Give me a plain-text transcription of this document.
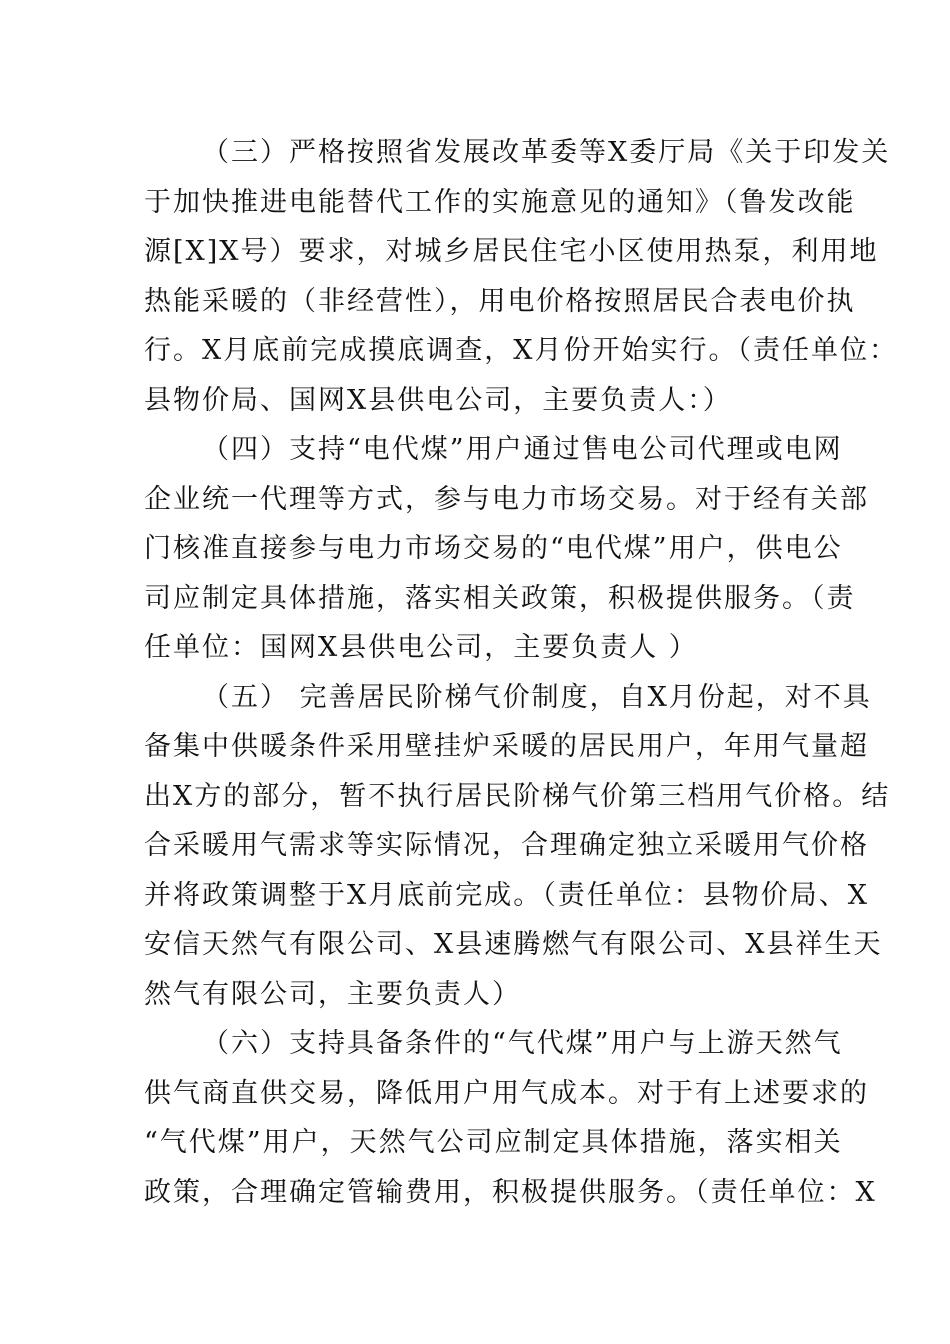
（三）严格按照省发展改革委等X委厅局《关于印发关
于加快推进电能替代工作的实施意见的通知》（鲁发改能
源[X]X号）要求，对城乡居民住宅小区使用热泵，利用地
热能采暖的（非经营性），用电价格按照居民合表电价执
行。X月底前完成摸底调查，X月份开始实行。（责任单位：
县物价局、国网X县供电公司，主要负责人：）
（四）支持“电代煤”用户通过售电公司代理或电网
企业统一代理等方式，参与电力市场交易。对于经有关部
门核准直接参与电力市场交易的“电代煤”用户，供电公
司应制定具体措施，落实相关政策，积极提供服务。（责
任单位：国网X县供电公司，主要负责人 ）
（五） 完善居民阶梯气价制度，自X月份起，对不具
备集中供暖条件采用壁挂炉采暖的居民用户，年用气量超
出X方的部分，暂不执行居民阶梯气价第三档用气价格。结
合采暖用气需求等实际情况，合理确定独立采暖用气价格
并将政策调整于X月底前完成。（责任单位：县物价局、X
安信天然气有限公司、X县速腾燃气有限公司、X县祥生天
然气有限公司，主要负责人）
（六）支持具备条件的“气代煤”用户与上游天然气
供气商直供交易，降低用户用气成本。对于有上述要求的
“气代煤”用户，天然气公司应制定具体措施，落实相关
政策，合理确定管输费用，积极提供服务。（责任单位：X
